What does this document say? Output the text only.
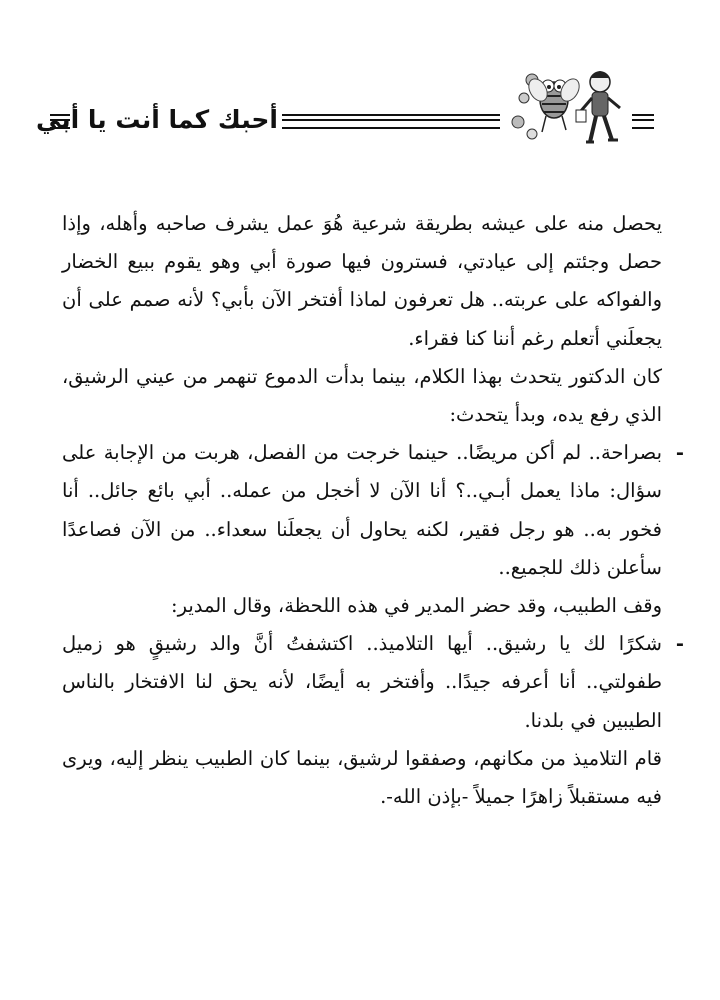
أحبك كما أنت يا أبي

يحصل منه على عيشه بطريقة شرعية هُوَ عمل يشرف صاحبه وأهله، وإذا حصل وجئتم إلى عيادتي، فسترون فيها صورة أبي وهو يقوم ببيع الخضار والفواكه على عربته.. هل تعرفون لماذا أفتخر الآن بأبي؟ لأنه صمم على أن يجعلَني أتعلم رغم أننا كنا فقراء.

كان الدكتور يتحدث بهذا الكلام، بينما بدأت الدموع تنهمر من عيني الرشيق، الذي رفع يده، وبدأ يتحدث:

-
بصراحة.. لم أكن مريضًا.. حينما خرجت من الفصل، هربت من الإجابة على سؤال: ماذا يعمل أبـي..؟ أنا الآن لا أخجل من عمله.. أبي بائع جائل.. أنا فخور به.. هو رجل فقير، لكنه يحاول أن يجعلَنا سعداء.. من الآن فصاعدًا سأعلن ذلك للجميع..

وقف الطبيب، وقد حضر المدير في هذه اللحظة، وقال المدير:

-
شكرًا لك يا رشيق.. أيها التلاميذ.. اكتشفتُ أنَّ والد رشيقٍ هو زميل طفولتي.. أنا أعرفه جيدًا.. وأفتخر به أيضًا، لأنه يحق لنا الافتخار بالناس الطيبين في بلدنا.

قام التلاميذ من مكانهم، وصفقوا لرشيق، بينما كان الطبيب ينظر إليه، ويرى فيه مستقبلاً زاهرًا جميلاً -بإذن الله-.
